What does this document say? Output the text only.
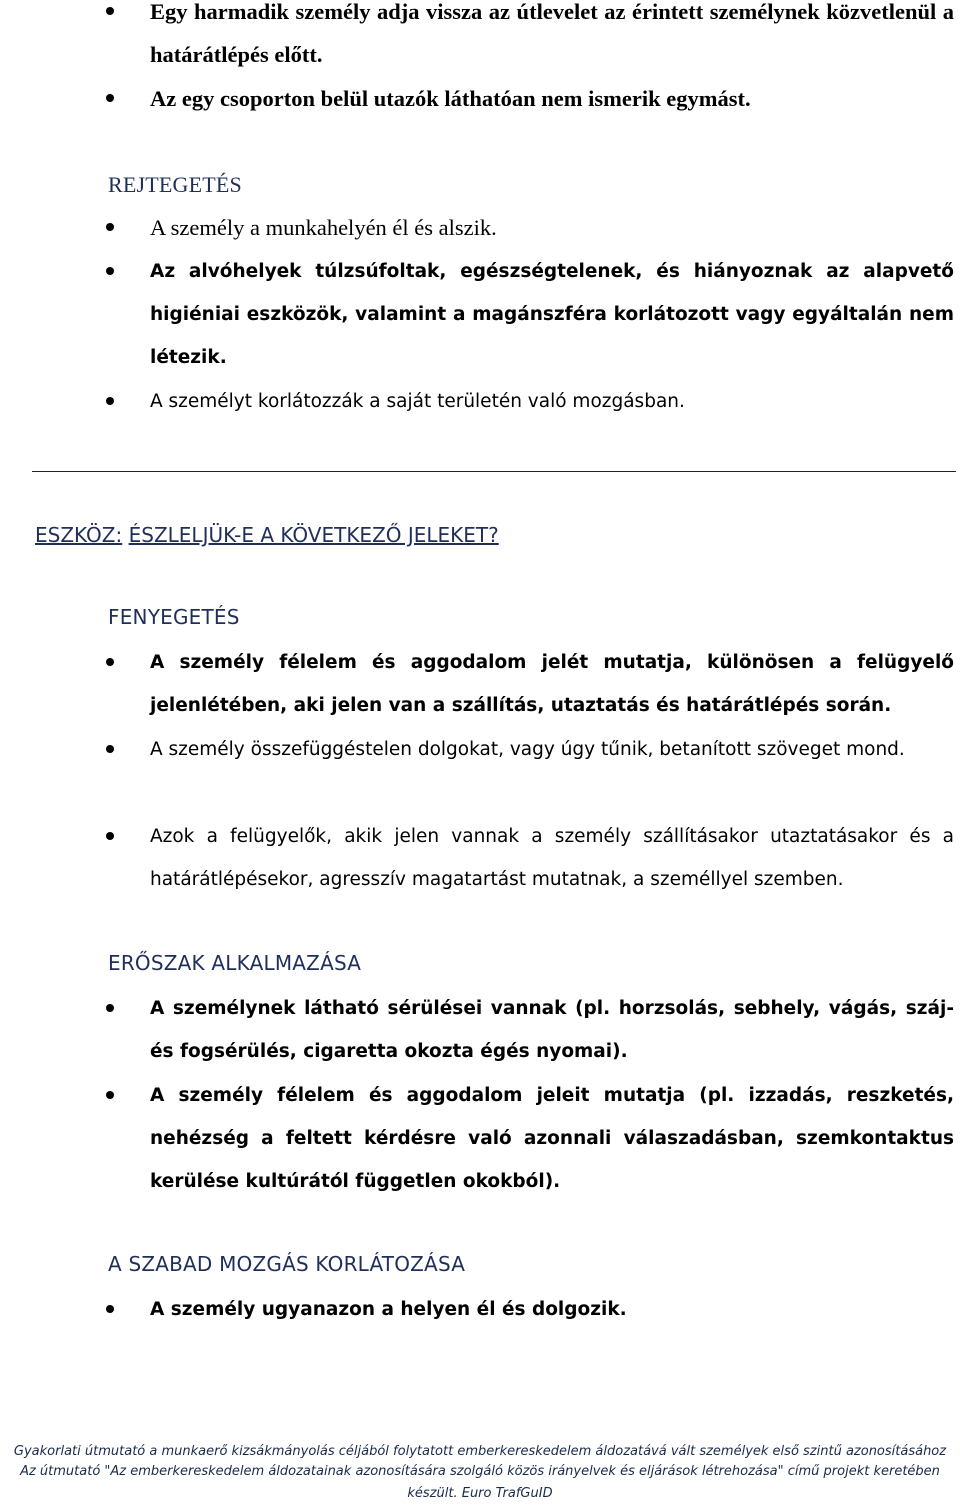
Egy harmadik személy adja vissza az útlevelet az érintett személynek közvetlenül a határátlépés előtt.
Az egy csoporton belül utazók láthatóan nem ismerik egymást.
REJTEGETÉS
A személy a munkahelyén él és alszik.
Az alvóhelyek túlzsúfoltak, egészségtelenek, és hiányoznak az alapvető higiéniai eszközök, valamint a magánszféra korlátozott vagy egyáltalán nem létezik.
A személyt korlátozzák a saját területén való mozgásban.
ESZKÖZ: ÉSZLELJÜK-E A KÖVETKEZŐ JELEKET?
FENYEGETÉS
A személy félelem és aggodalom jelét mutatja, különösen a felügyelő jelenlétében, aki jelen van a szállítás, utaztatás és határátlépés során.
A személy összefüggéstelen dolgokat, vagy úgy tűnik, betanított szöveget mond.
Azok a felügyelők, akik jelen vannak a személy szállításakor utaztatásakor és a határátlépésekor, agresszív magatartást mutatnak, a személlyel szemben.
ERŐSZAK ALKALMAZÁSA
A személynek látható sérülései vannak (pl. horzsolás, sebhely, vágás, száj-és fogsérülés, cigaretta okozta égés nyomai).
A személy félelem és aggodalom jeleit mutatja (pl. izzadás, reszketés, nehézség a feltett kérdésre való azonnali válaszadásban, szemkontaktus kerülése kultúrától független okokból).
A SZABAD MOZGÁS KORLÁTOZÁSA
A személy ugyanazon a helyen él és dolgozik.
Gyakorlati útmutató a munkaerő kizsákmányolás céljából folytatott emberkereskedelem áldozatává vált személyek első szintű azonosításához
Az útmutató "Az emberkereskedelem áldozatainak azonosítására szolgáló közös irányelvek és eljárások létrehozása" című projekt keretében
készült. Euro TrafGuID
